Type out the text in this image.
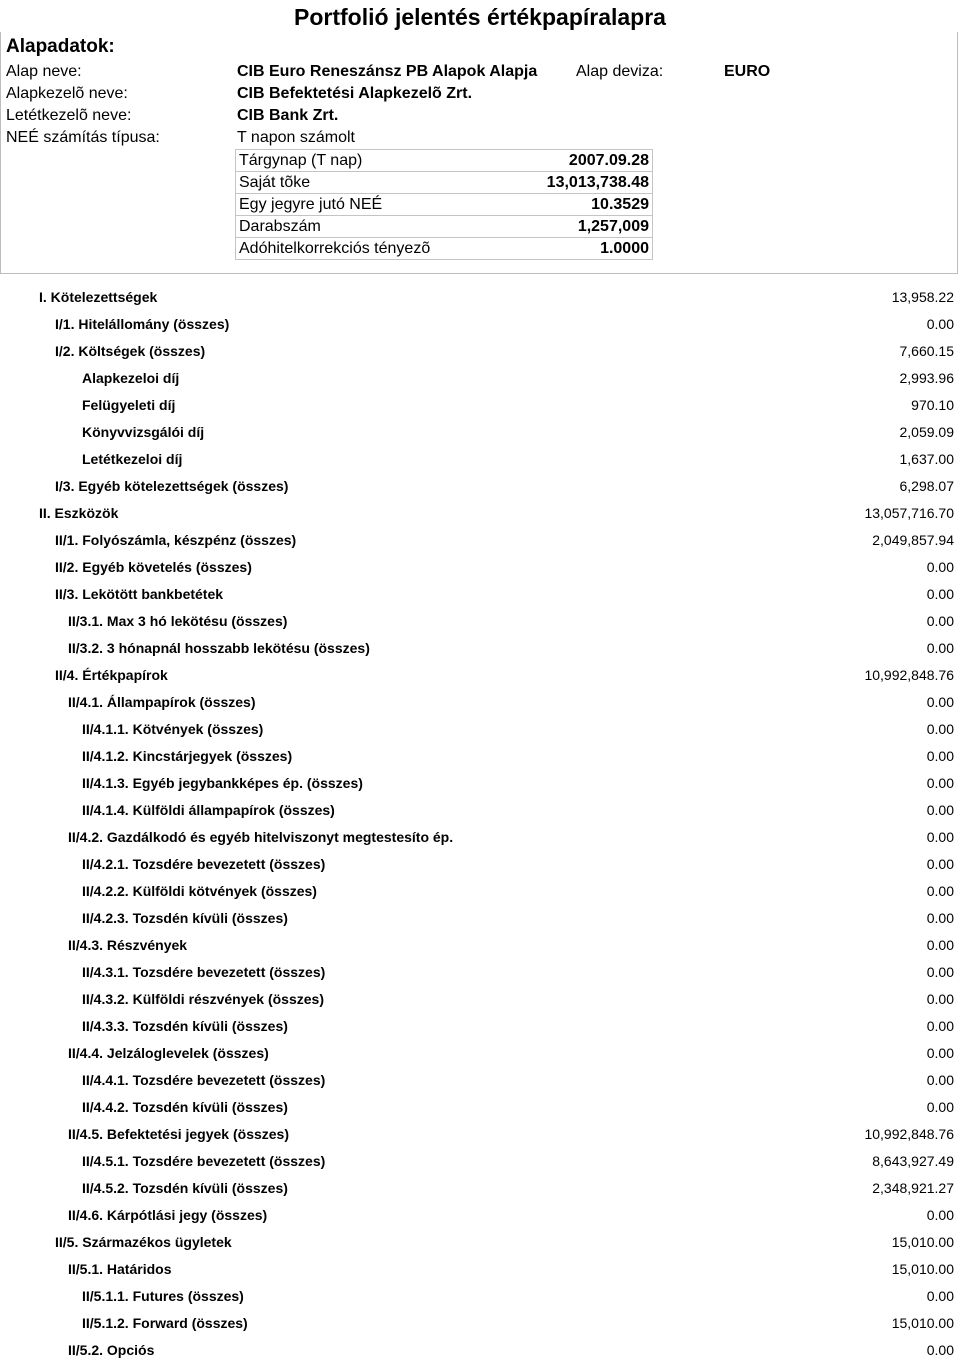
Portfolió jelentés értékpapíralapra
Alapadatok:
Alap neve:	CIB Euro Reneszánsz PB Alapok Alapja Alap deviza:	EURO
Alapkezelõ neve:	CIB Befektetési Alapkezelõ Zrt.
Letétkezelõ neve:	CIB Bank Zrt.
NEÉ számítás típusa:	T napon számolt
Tárgynap (T nap)	2007.09.28
Saját tõke	13,013,738.48
Egy jegyre jutó NEÉ	10.3529
Darabszám	1,257,009
Adóhitelkorrekciós tényezõ	1.0000
I. Kötelezettségek	13,958.22
I/1. Hitelállomány (összes)	0.00
I/2. Költségek (összes)	7,660.15
Alapkezeloi díj	2,993.96
Felügyeleti díj	970.10
Könyvvizsgálói díj	2,059.09
Letétkezeloi díj	1,637.00
I/3. Egyéb kötelezettségek (összes)	6,298.07
II. Eszközök	13,057,716.70
II/1. Folyószámla, készpénz (összes)	2,049,857.94
II/2. Egyéb követelés (összes)	0.00
II/3. Lekötött bankbetétek	0.00
II/3.1. Max 3 hó lekötésu (összes)	0.00
II/3.2. 3 hónapnál hosszabb lekötésu (összes)	0.00
II/4. Értékpapírok	10,992,848.76
II/4.1. Állampapírok (összes)	0.00
II/4.1.1. Kötvények (összes)	0.00
II/4.1.2. Kincstárjegyek (összes)	0.00
II/4.1.3. Egyéb jegybankképes ép. (összes)	0.00
II/4.1.4. Külföldi állampapírok (összes)	0.00
II/4.2. Gazdálkodó és egyéb hitelviszonyt megtestesíto ép.	0.00
II/4.2.1. Tozsdére bevezetett (összes)	0.00
II/4.2.2. Külföldi kötvények (összes)	0.00
II/4.2.3. Tozsdén kívüli (összes)	0.00
II/4.3. Részvények	0.00
II/4.3.1. Tozsdére bevezetett (összes)	0.00
II/4.3.2. Külföldi részvények (összes)	0.00
II/4.3.3. Tozsdén kívüli (összes)	0.00
II/4.4. Jelzáloglevelek (összes)	0.00
II/4.4.1. Tozsdére bevezetett (összes)	0.00
II/4.4.2. Tozsdén kívüli (összes)	0.00
II/4.5. Befektetési jegyek (összes)	10,992,848.76
II/4.5.1. Tozsdére bevezetett (összes)	8,643,927.49
II/4.5.2. Tozsdén kívüli (összes)	2,348,921.27
II/4.6. Kárpótlási jegy (összes)	0.00
II/5. Származékos ügyletek	15,010.00
II/5.1. Határidos	15,010.00
II/5.1.1. Futures (összes)	0.00
II/5.1.2. Forward (összes)	15,010.00
II/5.2. Opciós	0.00
